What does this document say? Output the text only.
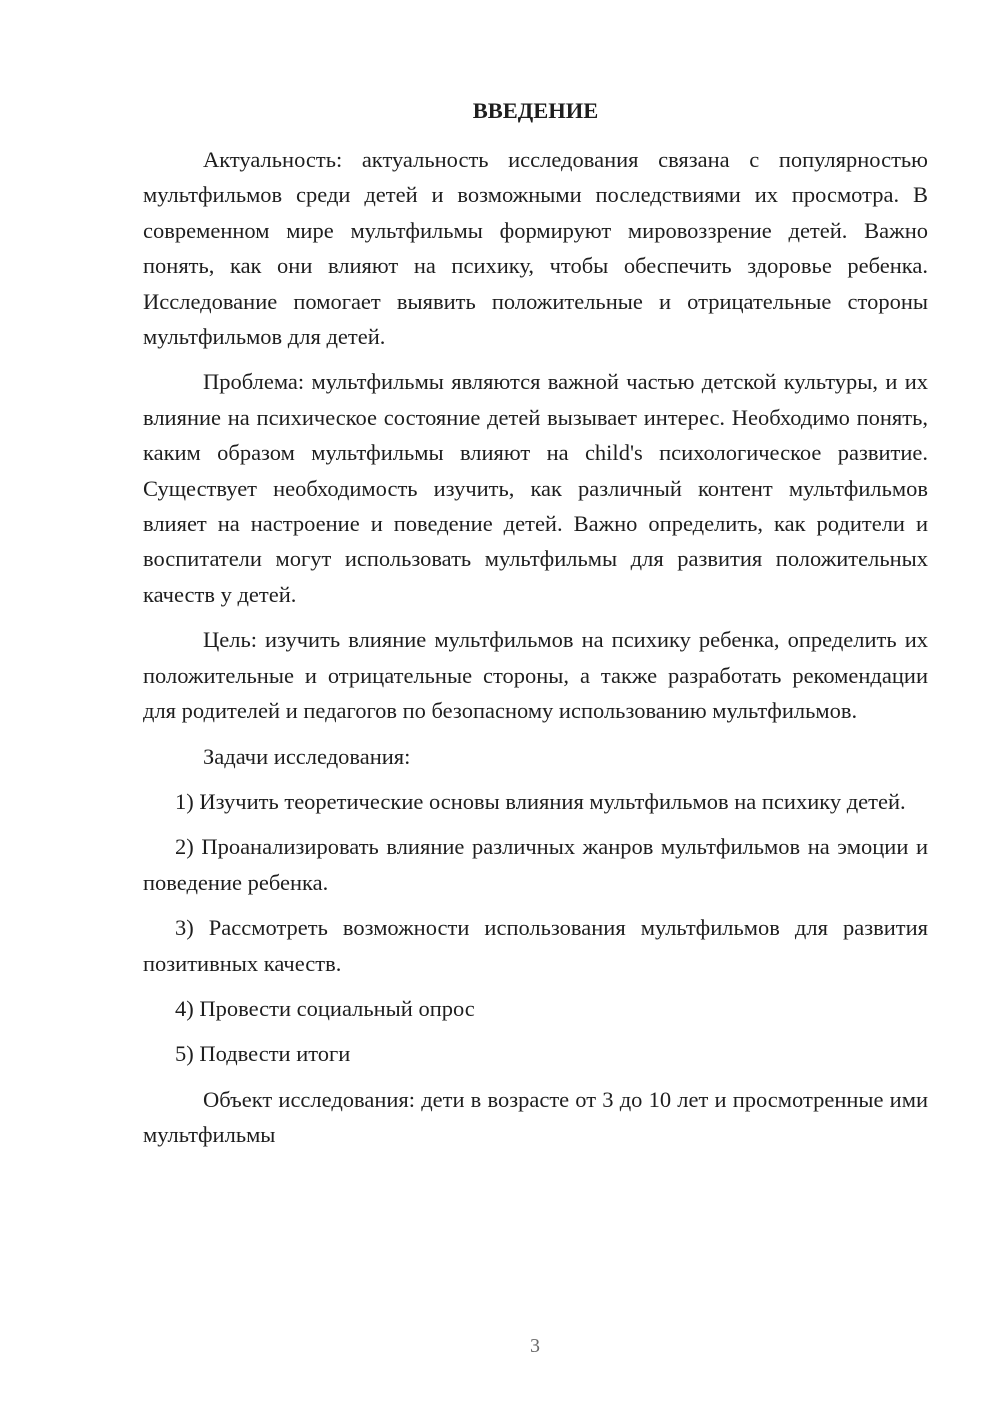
ВВЕДЕНИЕ

Актуальность: актуальность исследования связана с популярностью мультфильмов среди детей и возможными последствиями их просмотра. В современном мире мультфильмы формируют мировоззрение детей. Важно понять, как они влияют на психику, чтобы обеспечить здоровье ребенка. Исследование помогает выявить положительные и отрицательные стороны мультфильмов для детей.

Проблема: мультфильмы являются важной частью детской культуры, и их влияние на психическое состояние детей вызывает интерес. Необходимо понять, каким образом мультфильмы влияют на child's психологическое развитие. Существует необходимость изучить, как различный контент мультфильмов влияет на настроение и поведение детей. Важно определить, как родители и воспитатели могут использовать мультфильмы для развития положительных качеств у детей.

Цель: изучить влияние мультфильмов на психику ребенка, определить их положительные и отрицательные стороны, а также разработать рекомендации для родителей и педагогов по безопасному использованию мультфильмов.

Задачи исследования:

1) Изучить теоретические основы влияния мультфильмов на психику детей.

2) Проанализировать влияние различных жанров мультфильмов на эмоции и поведение ребенка.

3) Рассмотреть возможности использования мультфильмов для развития позитивных качеств.

4) Провести социальный опрос

5) Подвести итоги

Объект исследования: дети в возрасте от 3 до 10 лет и просмотренные ими мультфильмы

3
